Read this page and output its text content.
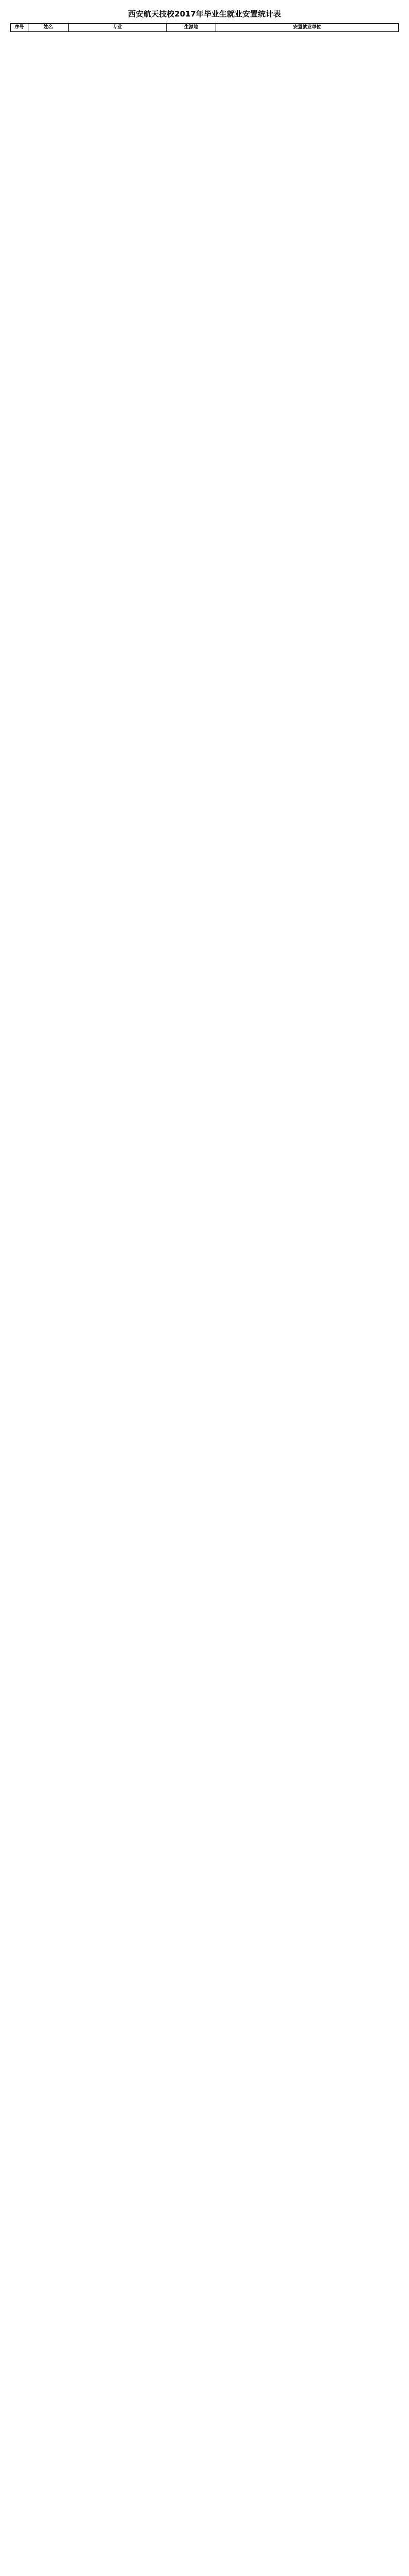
西安航天技校2017年毕业生就业安置统计表
序号	姓名	专业	生源地	安置就业单位
